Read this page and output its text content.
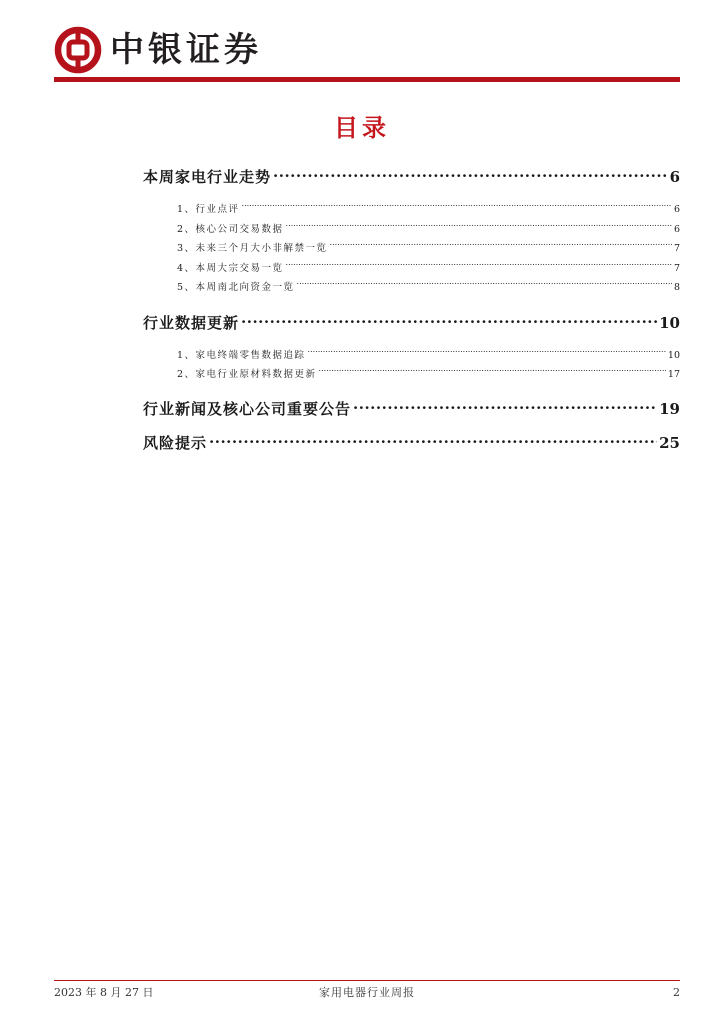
中银证券
目录
本周家电行业走势 .....	6
1、行业点评 .....	6
2、核心公司交易数据 .....	6
3、未来三个月大小非解禁一览 .....	7
4、本周大宗交易一览 .....	7
5、本周南北向资金一览 .....	8
行业数据更新 .....	10
1、家电终端零售数据追踪 .....	10
2、家电行业原材料数据更新 .....	17
行业新闻及核心公司重要公告 .....	19
风险提示 .....	25
家用电器行业周报
2023 年 8 月 27 日	2
